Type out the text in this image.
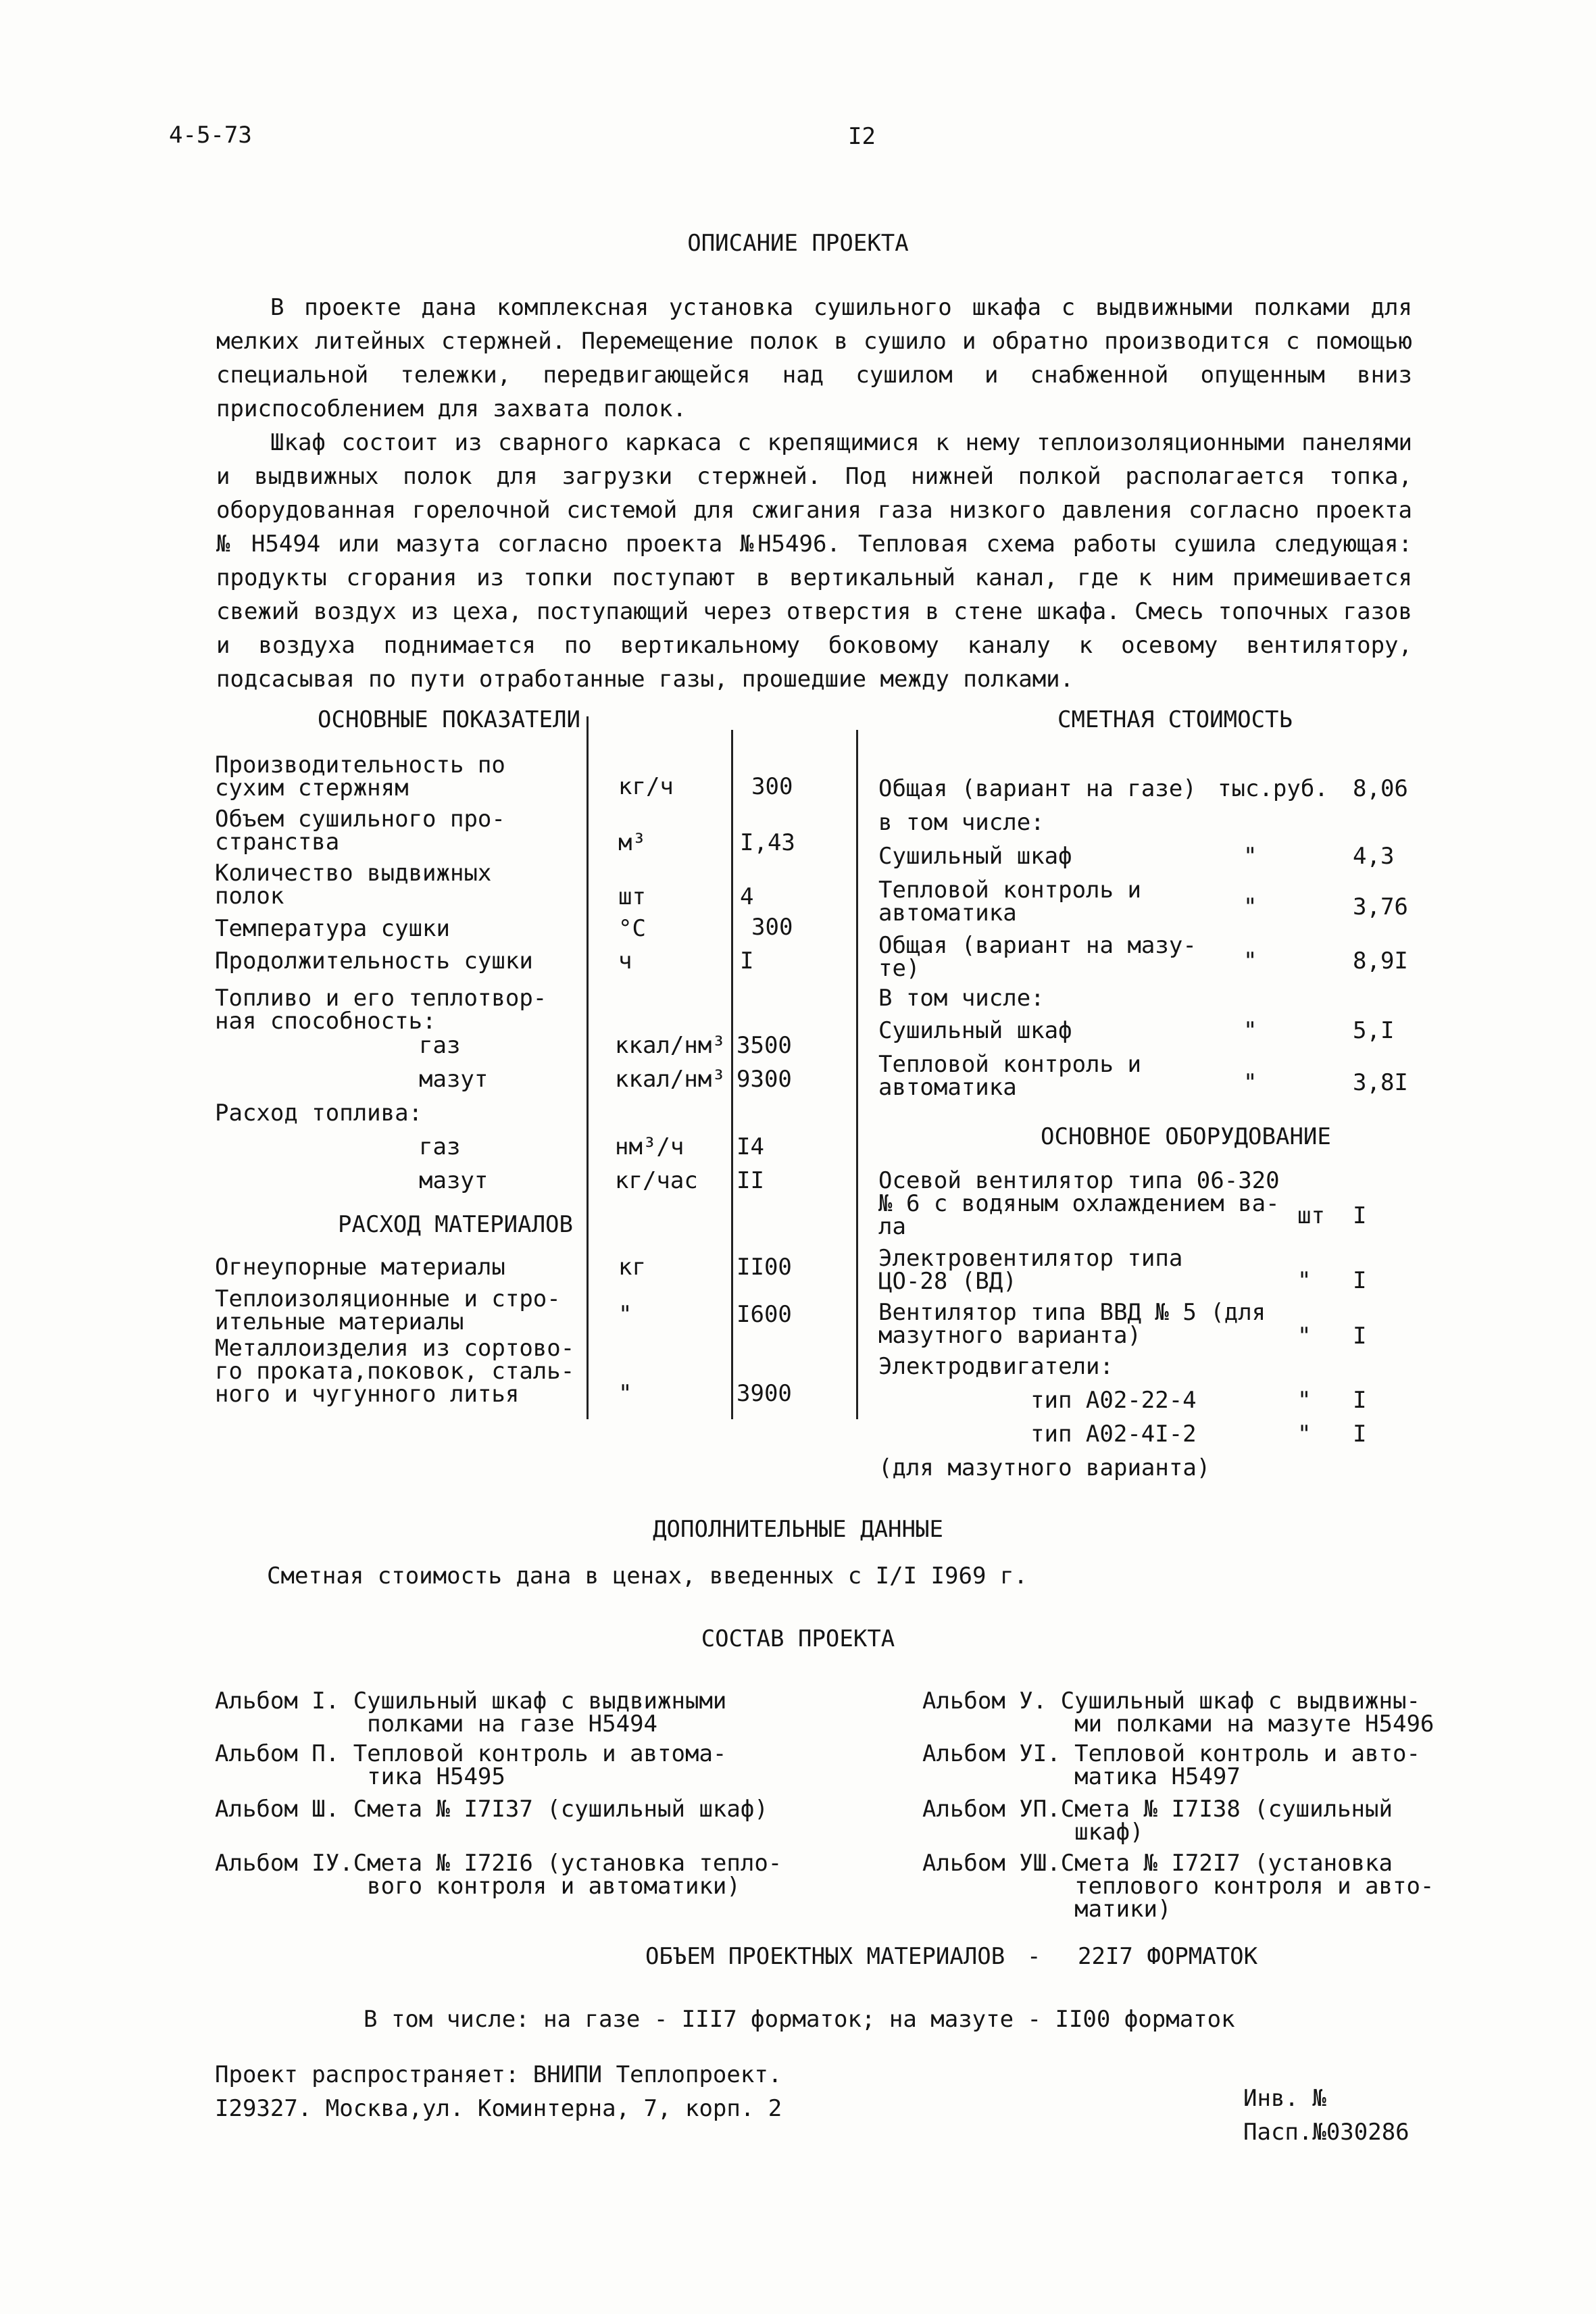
4-5-73	I2
ОПИСАНИЕ ПРОЕКТА

В проекте дана комплексная установка сушильного шкафа с выдвижными полками для мелких литейных стержней. Перемещение полок в сушило и обратно производится с помощью специальной тележки, передвигающейся над сушилом и снабженной опущенным вниз приспособлением для захвата полок.

Шкаф состоит из сварного каркаса с крепящимися к нему теплоизоляционными панелями и выдвижных полок для загрузки стержней. Под нижней полкой располагается топка, оборудованная горелочной системой для сжигания газа низкого давления согласно проекта № Н5494 или мазута согласно проекта №Н5496. Тепловая схема работы сушила следующая: продукты сгорания из топки поступают в вертикальный канал, где к ним примешивается свежий воздух из цеха, поступающий через отверстия в стене шкафа. Смесь топочных газов и воздуха поднимается по вертикальному боковому каналу к осевому вентилятору, подсасывая по пути отработанные газы, прошедшие между полками.

ОСНОВНЫЕ ПОКАЗАТЕЛИ	СМЕТНАЯ СТОИМОСТЬ
Производительность по
сухим стержням	кг/ч	300
Объем сушильного про-
странства	м³	I,43
Количество выдвижных
полок	шт	4
Температура сушки	°С	300
Продолжительность сушки	ч	I
Топливо и его теплотвор-
ная способность:
газ	ккал/нм³ 3500
мазут	ккал/нм³ 9300
Расход топлива:
газ	нм³/ч I4
мазут	кг/час II
РАСХОД МАТЕРИАЛОВ
Огнеупорные материалы	кг	II00
Теплоизоляционные и стро-
ительные материалы	"	I600
Металлоизделия из сортово-
го проката,поковок, сталь-
ного и чугунного литья	"	3900
Общая (вариант на газе) тыс.руб. 8,06
в том числе:
Сушильный шкаф	"	4,3
Тепловой контроль и
автоматика	"	3,76
Общая (вариант на мазу-
те)	"	8,9I
В том числе:
Сушильный шкаф	"	5,I
Тепловой контроль и
автоматика	"	3,8I
ОСНОВНОЕ ОБОРУДОВАНИЕ
Осевой вентилятор типа 06-320
№ 6 с водяным охлаждением ва-
ла	шт I
Электровентилятор типа
ЦО-28 (ВД)	" I
Вентилятор типа ВВД № 5 (для
мазутного варианта)	" I
Электродвигатели:
тип А02-22-4	" I
тип А02-4I-2	" I
(для мазутного варианта)
ДОПОЛНИТЕЛЬНЫЕ ДАННЫЕ
Сметная стоимость дана в ценах, введенных с I/I I969 г.
СОСТАВ ПРОЕКТА
Альбом I. Сушильный шкаф с выдвижными
полками на газе Н5494
Альбом П. Тепловой контроль и автома-
тика Н5495
Альбом Ш. Смета № I7I37 (сушильный шкаф)
Альбом IУ.Смета № I72I6 (установка тепло-
вого контроля и автоматики)
Альбом У. Сушильный шкаф с выдвижны-
ми полками на мазуте Н5496
Альбом УI. Тепловой контроль и авто-
матика Н5497
Альбом УП.Смета № I7I38 (сушильный
шкаф)
Альбом УШ.Смета № I72I7 (установка
теплового контроля и авто-
матики)
ОБЪЕМ ПРОЕКТНЫХ МАТЕРИАЛОВ - 22I7 ФОРМАТОК
В том числе: на газе - III7 форматок; на мазуте - II00 форматок
Проект распространяет: ВНИПИ Теплопроект.
I29327. Москва,ул. Коминтерна, 7, корп. 2	Инв. №
Пасп.№030286
